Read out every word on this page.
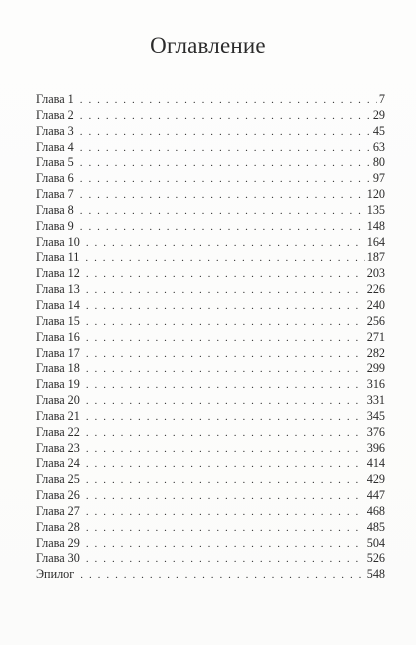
Оглавление
Глава 1 . . .	7
Глава 2 . . .	29
Глава 3 . . .	45
Глава 4 . . .	63
Глава 5 . . .	80
Глава 6 . . .	97
Глава 7 . . .	120
Глава 8 . . .	135
Глава 9 . . .	148
Глава 10 . . .	164
Глава 11 . . .	187
Глава 12 . . .	203
Глава 13 . . .	226
Глава 14 . . .	240
Глава 15 . . .	256
Глава 16 . . .	271
Глава 17 . . .	282
Глава 18 . . .	299
Глава 19 . . .	316
Глава 20 . . .	331
Глава 21 . . .	345
Глава 22 . . .	376
Глава 23 . . .	396
Глава 24 . . .	414
Глава 25 . . .	429
Глава 26 . . .	447
Глава 27 . . .	468
Глава 28 . . .	485
Глава 29 . . .	504
Глава 30 . . .	526
Эпилог . . .	548
